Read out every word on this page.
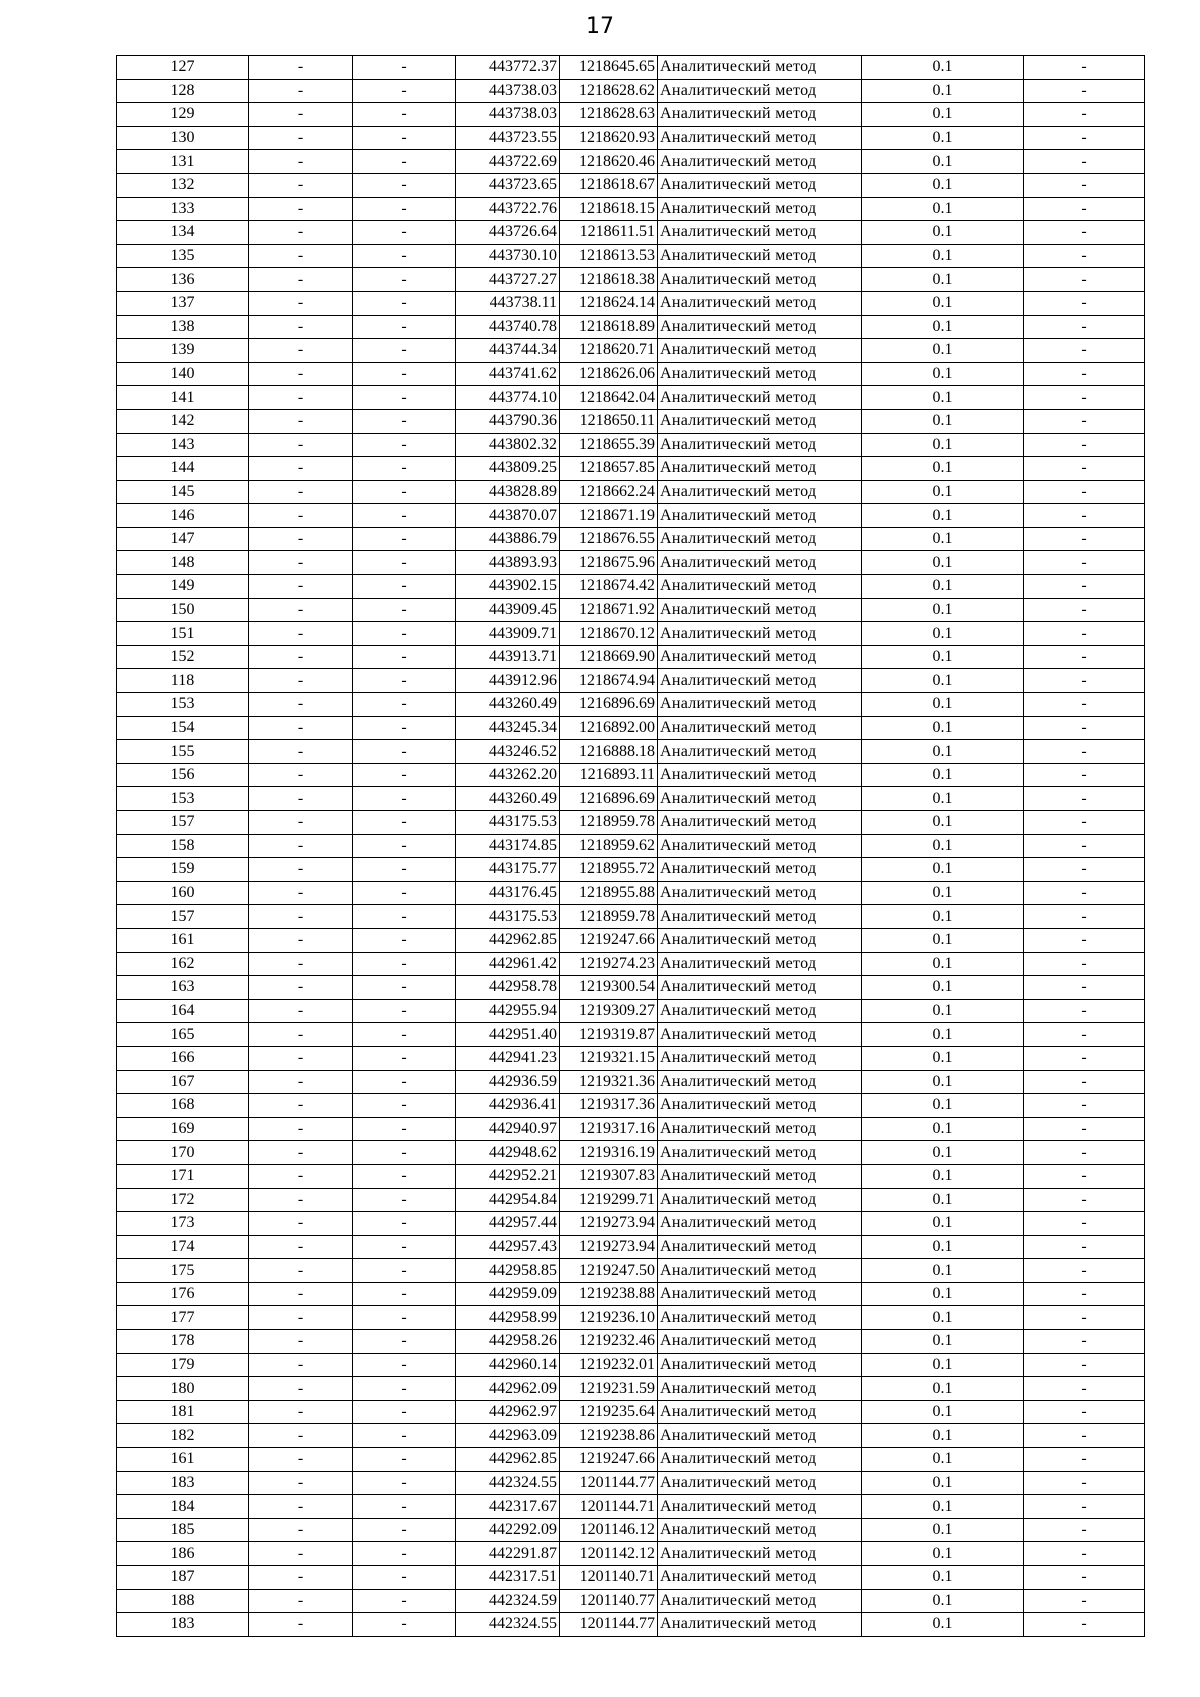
17
127	-	-	443772.37	1218645.65	Аналитический метод	0.1	-
128	-	-	443738.03	1218628.62	Аналитический метод	0.1	-
129	-	-	443738.03	1218628.63	Аналитический метод	0.1	-
130	-	-	443723.55	1218620.93	Аналитический метод	0.1	-
131	-	-	443722.69	1218620.46	Аналитический метод	0.1	-
132	-	-	443723.65	1218618.67	Аналитический метод	0.1	-
133	-	-	443722.76	1218618.15	Аналитический метод	0.1	-
134	-	-	443726.64	1218611.51	Аналитический метод	0.1	-
135	-	-	443730.10	1218613.53	Аналитический метод	0.1	-
136	-	-	443727.27	1218618.38	Аналитический метод	0.1	-
137	-	-	443738.11	1218624.14	Аналитический метод	0.1	-
138	-	-	443740.78	1218618.89	Аналитический метод	0.1	-
139	-	-	443744.34	1218620.71	Аналитический метод	0.1	-
140	-	-	443741.62	1218626.06	Аналитический метод	0.1	-
141	-	-	443774.10	1218642.04	Аналитический метод	0.1	-
142	-	-	443790.36	1218650.11	Аналитический метод	0.1	-
143	-	-	443802.32	1218655.39	Аналитический метод	0.1	-
144	-	-	443809.25	1218657.85	Аналитический метод	0.1	-
145	-	-	443828.89	1218662.24	Аналитический метод	0.1	-
146	-	-	443870.07	1218671.19	Аналитический метод	0.1	-
147	-	-	443886.79	1218676.55	Аналитический метод	0.1	-
148	-	-	443893.93	1218675.96	Аналитический метод	0.1	-
149	-	-	443902.15	1218674.42	Аналитический метод	0.1	-
150	-	-	443909.45	1218671.92	Аналитический метод	0.1	-
151	-	-	443909.71	1218670.12	Аналитический метод	0.1	-
152	-	-	443913.71	1218669.90	Аналитический метод	0.1	-
118	-	-	443912.96	1218674.94	Аналитический метод	0.1	-
153	-	-	443260.49	1216896.69	Аналитический метод	0.1	-
154	-	-	443245.34	1216892.00	Аналитический метод	0.1	-
155	-	-	443246.52	1216888.18	Аналитический метод	0.1	-
156	-	-	443262.20	1216893.11	Аналитический метод	0.1	-
153	-	-	443260.49	1216896.69	Аналитический метод	0.1	-
157	-	-	443175.53	1218959.78	Аналитический метод	0.1	-
158	-	-	443174.85	1218959.62	Аналитический метод	0.1	-
159	-	-	443175.77	1218955.72	Аналитический метод	0.1	-
160	-	-	443176.45	1218955.88	Аналитический метод	0.1	-
157	-	-	443175.53	1218959.78	Аналитический метод	0.1	-
161	-	-	442962.85	1219247.66	Аналитический метод	0.1	-
162	-	-	442961.42	1219274.23	Аналитический метод	0.1	-
163	-	-	442958.78	1219300.54	Аналитический метод	0.1	-
164	-	-	442955.94	1219309.27	Аналитический метод	0.1	-
165	-	-	442951.40	1219319.87	Аналитический метод	0.1	-
166	-	-	442941.23	1219321.15	Аналитический метод	0.1	-
167	-	-	442936.59	1219321.36	Аналитический метод	0.1	-
168	-	-	442936.41	1219317.36	Аналитический метод	0.1	-
169	-	-	442940.97	1219317.16	Аналитический метод	0.1	-
170	-	-	442948.62	1219316.19	Аналитический метод	0.1	-
171	-	-	442952.21	1219307.83	Аналитический метод	0.1	-
172	-	-	442954.84	1219299.71	Аналитический метод	0.1	-
173	-	-	442957.44	1219273.94	Аналитический метод	0.1	-
174	-	-	442957.43	1219273.94	Аналитический метод	0.1	-
175	-	-	442958.85	1219247.50	Аналитический метод	0.1	-
176	-	-	442959.09	1219238.88	Аналитический метод	0.1	-
177	-	-	442958.99	1219236.10	Аналитический метод	0.1	-
178	-	-	442958.26	1219232.46	Аналитический метод	0.1	-
179	-	-	442960.14	1219232.01	Аналитический метод	0.1	-
180	-	-	442962.09	1219231.59	Аналитический метод	0.1	-
181	-	-	442962.97	1219235.64	Аналитический метод	0.1	-
182	-	-	442963.09	1219238.86	Аналитический метод	0.1	-
161	-	-	442962.85	1219247.66	Аналитический метод	0.1	-
183	-	-	442324.55	1201144.77	Аналитический метод	0.1	-
184	-	-	442317.67	1201144.71	Аналитический метод	0.1	-
185	-	-	442292.09	1201146.12	Аналитический метод	0.1	-
186	-	-	442291.87	1201142.12	Аналитический метод	0.1	-
187	-	-	442317.51	1201140.71	Аналитический метод	0.1	-
188	-	-	442324.59	1201140.77	Аналитический метод	0.1	-
183	-	-	442324.55	1201144.77	Аналитический метод	0.1	-
